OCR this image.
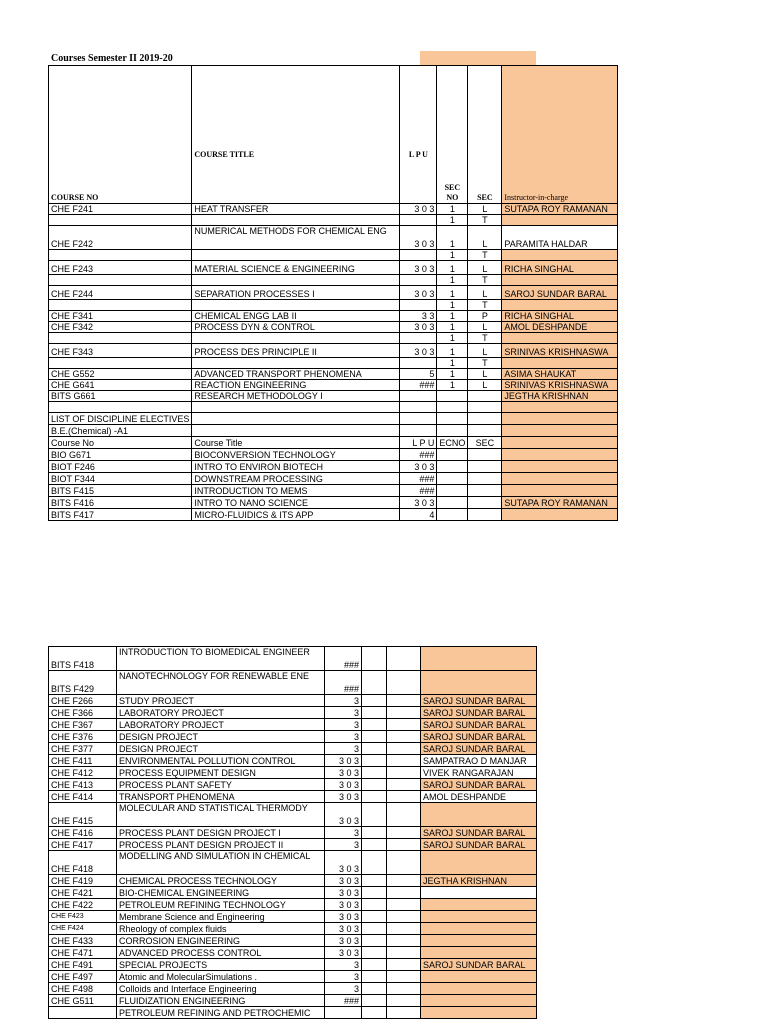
Courses Semester II 2019-20

COURSE NO	COURSE TITLE	L P U	SEC NO	SEC	Instructor-in-charge
CHE F241	HEAT TRANSFER	3 0 3	1	L	SUTAPA ROY RAMANAN
			1	T	
CHE F242	NUMERICAL METHODS FOR CHEMICAL ENG	3 0 3	1	L	PARAMITA HALDAR
			1	T	
CHE F243	MATERIAL SCIENCE & ENGINEERING	3 0 3	1	L	RICHA SINGHAL
			1	T	
CHE F244	SEPARATION PROCESSES I	3 0 3	1	L	SAROJ SUNDAR BARAL
			1	T	
CHE F341	CHEMICAL ENGG LAB II	3 3	1	P	RICHA SINGHAL
CHE F342	PROCESS DYN & CONTROL	3 0 3	1	L	AMOL DESHPANDE
			1	T	
CHE F343	PROCESS DES PRINCIPLE II	3 0 3	1	L	SRINIVAS KRISHNASWA
			1	T	
CHE G552	ADVANCED TRANSPORT PHENOMENA	5	1	L	ASIMA SHAUKAT
CHE G641	REACTION ENGINEERING	###	1	L	SRINIVAS KRISHNASWA
BITS G661	RESEARCH METHODOLOGY I				JEGTHA KRISHNAN

LIST OF DISCIPLINE ELECTIVES					
B.E.(Chemical) -A1					
Course No	Course Title	L P U	ECNO	SEC	
BIO G671	BIOCONVERSION TECHNOLOGY	###			
BIOT F246	INTRO TO ENVIRON BIOTECH	3 0 3			
BIOT F344	DOWNSTREAM PROCESSING	###			
BITS F415	INTRODUCTION TO MEMS	###			
BITS F416	INTRO TO NANO SCIENCE	3 0 3			SUTAPA ROY RAMANAN
BITS F417	MICRO-FLUIDICS & ITS APP	4			
BITS F418	INTRODUCTION TO BIOMEDICAL ENGINEER	###			
BITS F429	NANOTECHNOLOGY FOR RENEWABLE ENE	###			
CHE F266	STUDY PROJECT	3			SAROJ SUNDAR BARAL
CHE F366	LABORATORY PROJECT	3			SAROJ SUNDAR BARAL
CHE F367	LABORATORY PROJECT	3			SAROJ SUNDAR BARAL
CHE F376	DESIGN PROJECT	3			SAROJ SUNDAR BARAL
CHE F377	DESIGN PROJECT	3			SAROJ SUNDAR BARAL
CHE F411	ENVIRONMENTAL POLLUTION CONTROL	3 0 3			SAMPATRAO D MANJAR
CHE F412	PROCESS EQUIPMENT DESIGN	3 0 3			VIVEK RANGARAJAN
CHE F413	PROCESS PLANT SAFETY	3 0 3			SAROJ SUNDAR BARAL
CHE F414	TRANSPORT PHENOMENA	3 0 3			AMOL DESHPANDE
CHE F415	MOLECULAR AND STATISTICAL THERMODY	3 0 3			
CHE F416	PROCESS PLANT DESIGN PROJECT I	3			SAROJ SUNDAR BARAL
CHE F417	PROCESS PLANT DESIGN PROJECT II	3			SAROJ SUNDAR BARAL
CHE F418	MODELLING AND SIMULATION IN CHEMICAL	3 0 3			
CHE F419	CHEMICAL PROCESS TECHNOLOGY	3 0 3			JEGTHA KRISHNAN
CHE F421	BIO-CHEMICAL ENGINEERING	3 0 3			
CHE F422	PETROLEUM REFINING TECHNOLOGY	3 0 3			
CHE F423	Membrane Science and Engineering	3 0 3			
CHE F424	Rheology of complex fluids	3 0 3			
CHE F433	CORROSION ENGINEERING	3 0 3			
CHE F471	ADVANCED PROCESS CONTROL	3 0 3			
CHE F491	SPECIAL PROJECTS	3			SAROJ SUNDAR BARAL
CHE F497	Atomic and MolecularSimulations .	3			
CHE F498	Colloids and Interface Engineering	3			
CHE G511	FLUIDIZATION ENGINEERING	###			
	PETROLEUM REFINING AND PETROCHEMIC				
